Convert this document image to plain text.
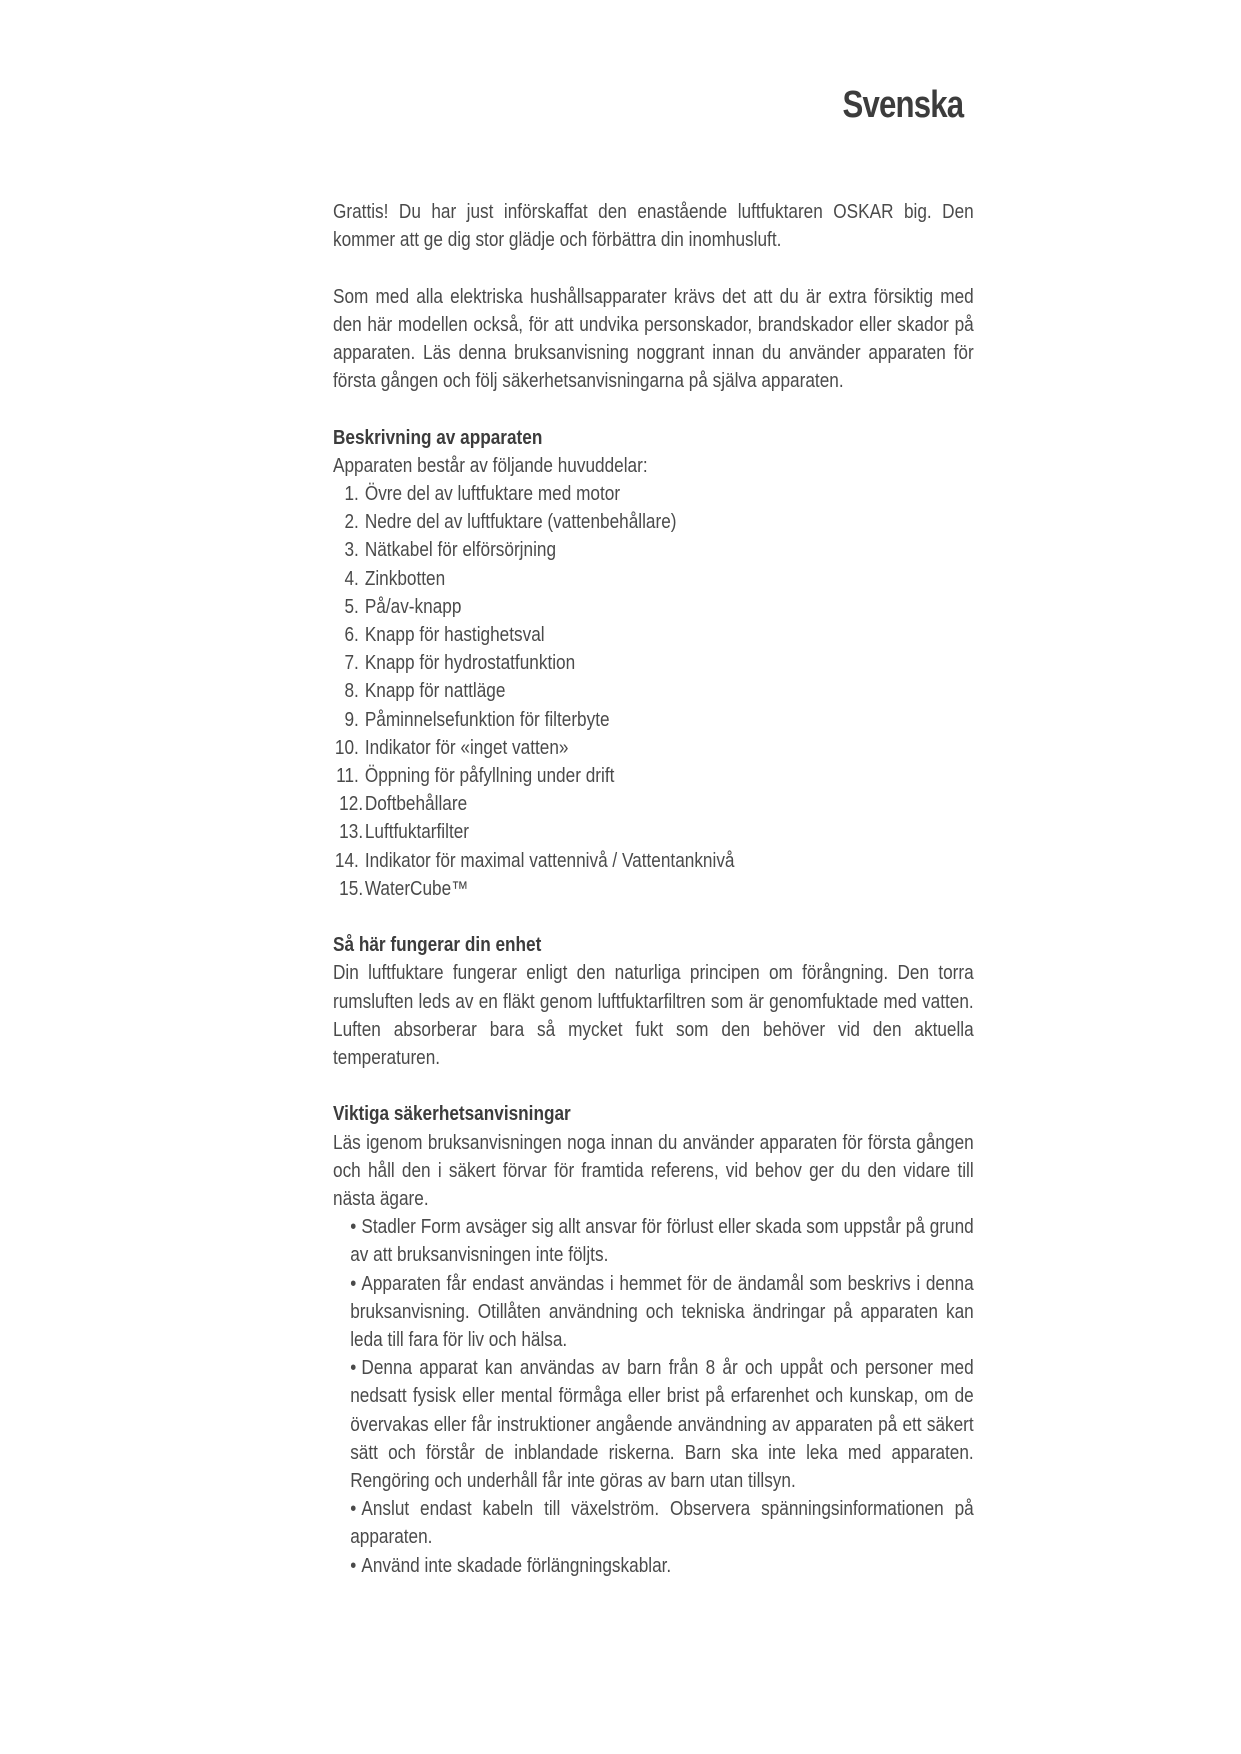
Svenska

Grattis! Du har just införskaffat den enastående luftfuktaren OSKAR big. Den kommer att ge dig stor glädje och förbättra din inomhusluft.

Som med alla elektriska hushållsapparater krävs det att du är extra försiktig med den här modellen också, för att undvika personskador, brandskador eller skador på apparaten. Läs denna bruksanvisning noggrant innan du använder apparaten för första gången och följ säkerhetsanvisningarna på själva apparaten.

Beskrivning av apparaten

Apparaten består av följande huvuddelar:

1. Övre del av luftfuktare med motor
2. Nedre del av luftfuktare (vattenbehållare)
3. Nätkabel för elförsörjning
4. Zinkbotten
5. På/av-knapp
6. Knapp för hastighetsval
7. Knapp för hydrostatfunktion
8. Knapp för nattläge
9. Påminnelsefunktion för filterbyte
10. Indikator för «inget vatten»
11. Öppning för påfyllning under drift
12. Doftbehållare
13. Luftfuktarfilter
14. Indikator för maximal vattennivå / Vattentanknivå
15. WaterCube™
Så här fungerar din enhet

Din luftfuktare fungerar enligt den naturliga principen om förångning. Den torra rumsluften leds av en fläkt genom luftfuktarfiltren som är genomfuktade med vatten. Luften absorberar bara så mycket fukt som den behöver vid den aktuella temperaturen.

Viktiga säkerhetsanvisningar

Läs igenom bruksanvisningen noga innan du använder apparaten för första gången och håll den i säkert förvar för framtida referens, vid behov ger du den vidare till nästa ägare.

• Stadler Form avsäger sig allt ansvar för förlust eller skada som uppstår på grund av att bruksanvisningen inte följts.
• Apparaten får endast användas i hemmet för de ändamål som beskrivs i denna bruksanvisning. Otillåten användning och tekniska ändringar på apparaten kan leda till fara för liv och hälsa.
• Denna apparat kan användas av barn från 8 år och uppåt och personer med nedsatt fysisk eller mental förmåga eller brist på erfarenhet och kunskap, om de övervakas eller får instruktioner angående användning av apparaten på ett säkert sätt och förstår de inblandade riskerna. Barn ska inte leka med apparaten. Rengöring och underhåll får inte göras av barn utan tillsyn.
• Anslut endast kabeln till växelström. Observera spänningsinformationen på apparaten.
• Använd inte skadade förlängningskablar.
